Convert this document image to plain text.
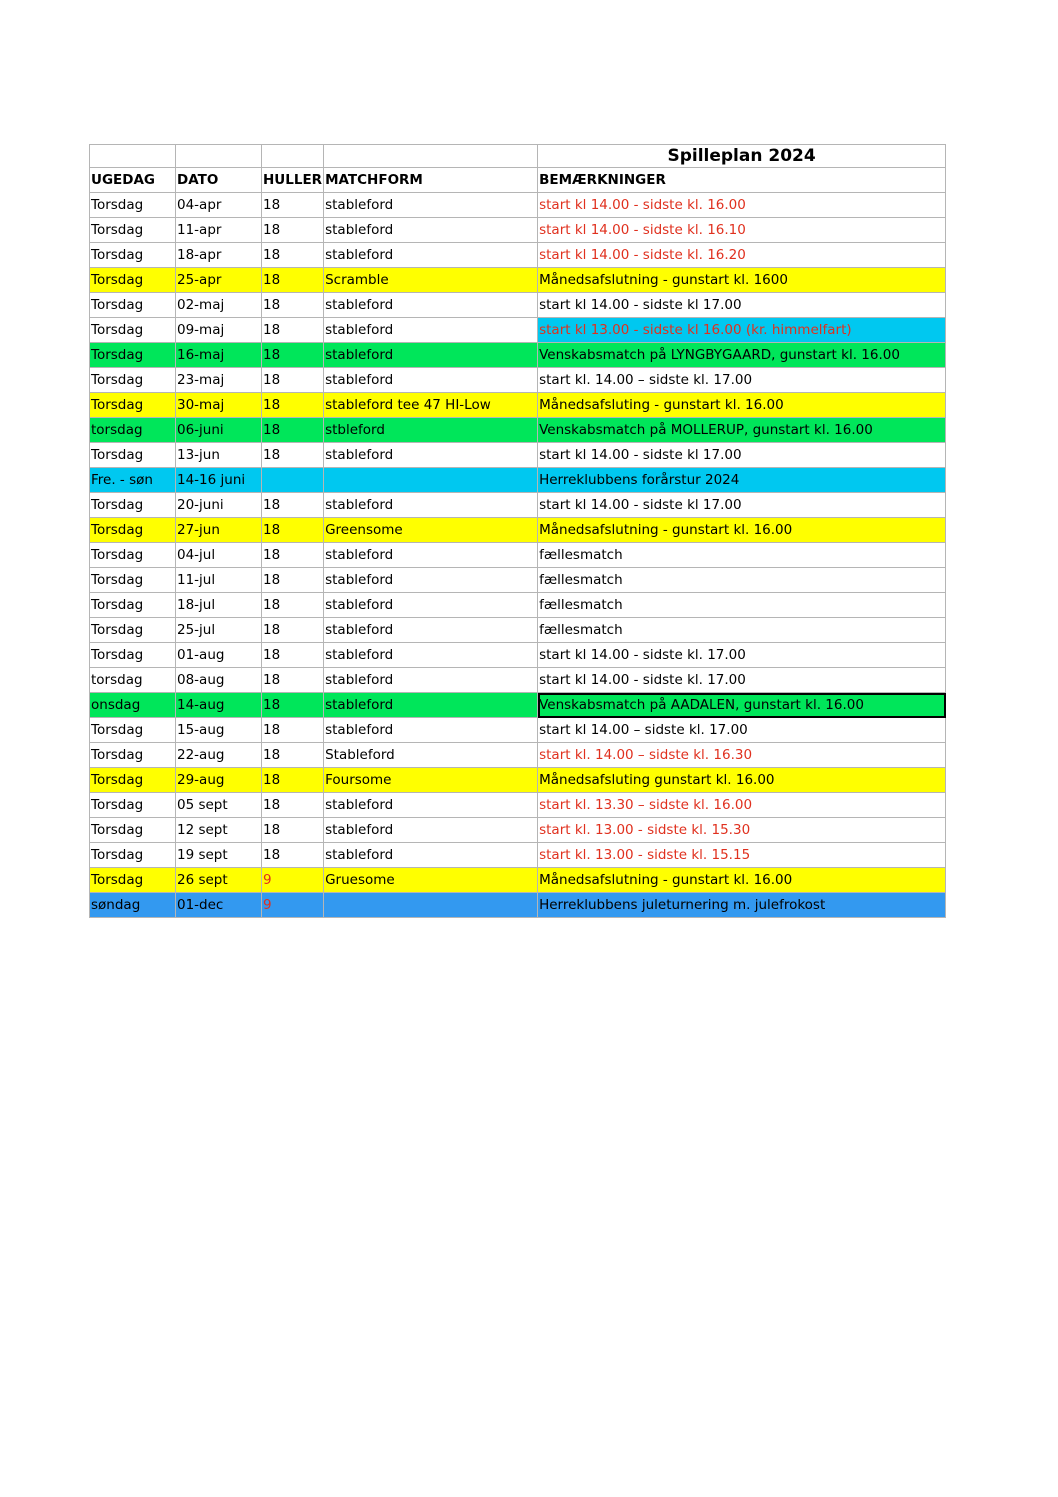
				Spilleplan 2024
UGEDAG	DATO	HULLER	MATCHFORM	BEMÆRKNINGER
Torsdag	04-apr	18	stableford	start kl 14.00 - sidste kl. 16.00
Torsdag	11-apr	18	stableford	start kl 14.00 - sidste kl. 16.10
Torsdag	18-apr	18	stableford	start kl 14.00 - sidste kl. 16.20
Torsdag	25-apr	18	Scramble	Månedsafslutning - gunstart kl. 1600
Torsdag	02-maj	18	stableford	start kl 14.00 - sidste kl 17.00
Torsdag	09-maj	18	stableford	start kl 13.00 - sidste kl 16.00 (kr. himmelfart)
Torsdag	16-maj	18	stableford	Venskabsmatch på LYNGBYGAARD, gunstart kl. 16.00
Torsdag	23-maj	18	stableford	start kl. 14.00 – sidste kl. 17.00
Torsdag	30-maj	18	stableford tee 47 HI-Low	Månedsafsluting - gunstart kl. 16.00
torsdag	06-juni	18	stbleford	Venskabsmatch på MOLLERUP, gunstart kl. 16.00
Torsdag	13-jun	18	stableford	start kl 14.00 - sidste kl 17.00
Fre. - søn	14-16 juni			Herreklubbens forårstur 2024
Torsdag	20-juni	18	stableford	start kl 14.00 - sidste kl 17.00
Torsdag	27-jun	18	Greensome	Månedsafslutning - gunstart kl. 16.00
Torsdag	04-jul	18	stableford	fællesmatch
Torsdag	11-jul	18	stableford	fællesmatch
Torsdag	18-jul	18	stableford	fællesmatch
Torsdag	25-jul	18	stableford	fællesmatch
Torsdag	01-aug	18	stableford	start kl 14.00 - sidste kl. 17.00
torsdag	08-aug	18	stableford	start kl 14.00 - sidste kl. 17.00
onsdag	14-aug	18	stableford	Venskabsmatch på AADALEN, gunstart kl. 16.00
Torsdag	15-aug	18	stableford	start kl 14.00 – sidste kl. 17.00
Torsdag	22-aug	18	Stableford	start kl. 14.00 – sidste kl. 16.30
Torsdag	29-aug	18	Foursome	Månedsafsluting gunstart kl. 16.00
Torsdag	05 sept	18	stableford	start kl. 13.30 – sidste kl. 16.00
Torsdag	12 sept	18	stableford	start kl. 13.00 - sidste kl. 15.30
Torsdag	19 sept	18	stableford	start kl. 13.00 - sidste kl. 15.15
Torsdag	26 sept	9	Gruesome	Månedsafslutning - gunstart kl. 16.00
søndag	01-dec	9		Herreklubbens juleturnering m. julefrokost
